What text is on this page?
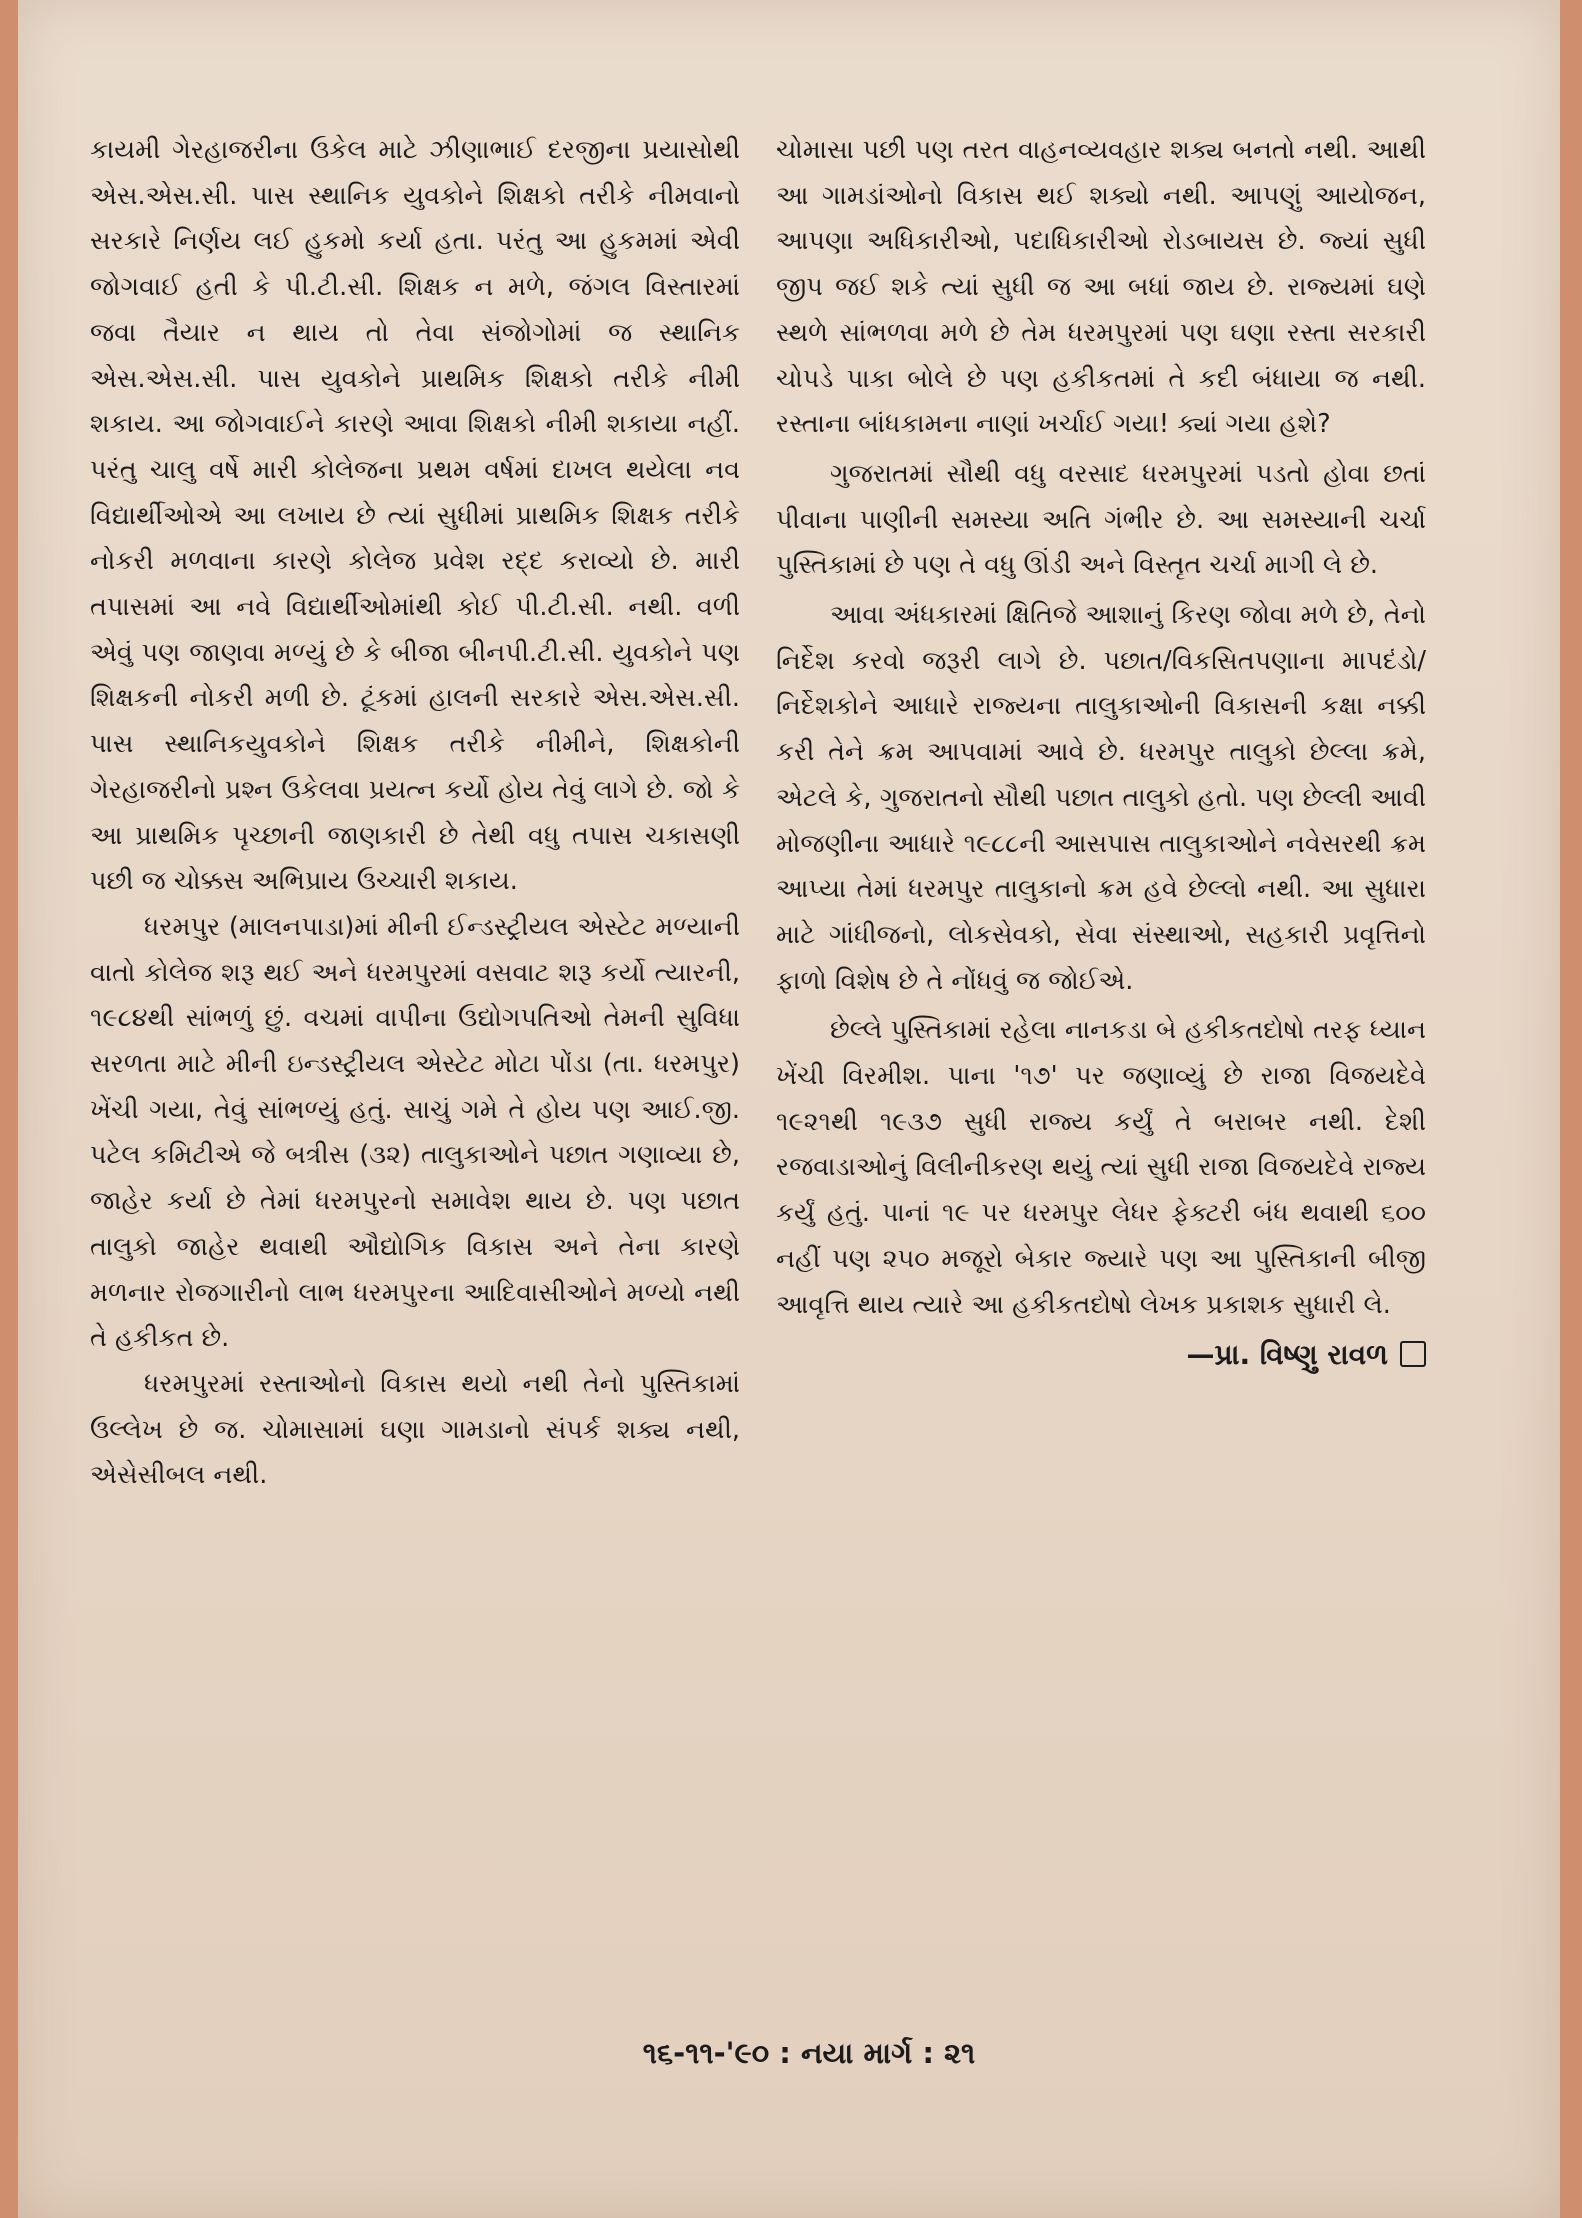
કાયમી ગેરહાજરીના ઉકેલ માટે ઝીણાભાઈ દરજીના પ્રયાસોથી એસ.એસ.સી. પાસ સ્થાનિક યુવકોને શિક્ષકો તરીકે નીમવાનો સરકારે નિર્ણય લઈ હુકમો કર્યા હતા. પરંતુ આ હુકમમાં એવી જોગવાઈ હતી કે પી.ટી.સી. શિક્ષક ન મળે, જંગલ વિસ્તારમાં જવા તૈયાર ન થાય તો તેવા સંજોગોમાં જ સ્થાનિક એસ.એસ.સી. પાસ યુવકોને પ્રાથમિક શિક્ષકો તરીકે નીમી શકાય. આ જોગવાઈને કારણે આવા શિક્ષકો નીમી શકાયા નહીં. પરંતુ ચાલુ વર્ષે મારી કોલેજના પ્રથમ વર્ષમાં દાખલ થયેલા નવ વિદ્યાર્થીઓએ આ લખાય છે ત્યાં સુધીમાં પ્રાથમિક શિક્ષક તરીકે નોકરી મળવાના કારણે કોલેજ પ્રવેશ રદ્દ કરાવ્યો છે. મારી તપાસમાં આ નવે વિદ્યાર્થીઓમાંથી કોઈ પી.ટી.સી. નથી. વળી એવું પણ જાણવા મળ્યું છે કે બીજા બીનપી.ટી.સી. યુવકોને પણ શિક્ષકની નોકરી મળી છે. ટૂંકમાં હાલની સરકારે એસ.એસ.સી. પાસ સ્થાનિકયુવકોને શિક્ષક તરીકે નીમીને, શિક્ષકોની ગેરહાજરીનો પ્રશ્ન ઉકેલવા પ્રયત્ન કર્યો હોય તેવું લાગે છે. જો કે આ પ્રાથમિક પૃચ્છાની જાણકારી છે તેથી વધુ તપાસ ચકાસણી પછી જ ચોક્કસ અભિપ્રાય ઉચ્ચારી શકાય.

ધરમપુર (માલનપાડા)માં મીની ઈન્ડસ્ટ્રીયલ એસ્ટેટ મળ્યાની વાતો કોલેજ શરૂ થઈ અને ધરમપુરમાં વસવાટ શરૂ કર્યો ત્યારની, ૧૯૮૪થી સાંભળું છું. વચમાં વાપીના ઉદ્યોગપતિઓ તેમની સુવિધા સરળતા માટે મીની ઇન્ડસ્ટ્રીયલ એસ્ટેટ મોટા પોંડા (તા. ધરમપુર) ખેંચી ગયા, તેવું સાંભળ્યું હતું. સાચું ગમે તે હોય પણ આઈ.જી. પટેલ કમિટીએ જે બત્રીસ (૩૨) તાલુકાઓને પછાત ગણાવ્યા છે, જાહેર કર્યા છે તેમાં ધરમપુરનો સમાવેશ થાય છે. પણ પછાત તાલુકો જાહેર થવાથી ઔદ્યોગિક વિકાસ અને તેના કારણે મળનાર રોજગારીનો લાભ ધરમપુરના આદિવાસીઓને મળ્યો નથી તે હકીકત છે.

ધરમપુરમાં રસ્તાઓનો વિકાસ થયો નથી તેનો પુસ્તિકામાં ઉલ્લેખ છે જ. ચોમાસામાં ઘણા ગામડાનો સંપર્ક શક્ય નથી, એસેસીબલ નથી.

ચોમાસા પછી પણ તરત વાહનવ્યવહાર શક્ય બનતો નથી. આથી આ ગામડાંઓનો વિકાસ થઈ શક્યો નથી. આપણું આયોજન, આપણા અધિકારીઓ, પદાધિકારીઓ રોડબાયસ છે. જ્યાં સુધી જીપ જઈ શકે ત્યાં સુધી જ આ બધાં જાય છે. રાજ્યમાં ઘણે સ્થળે સાંભળવા મળે છે તેમ ધરમપુરમાં પણ ઘણા રસ્તા સરકારી ચોપડે પાકા બોલે છે પણ હકીકતમાં તે કદી બંધાયા જ નથી. રસ્તાના બાંધકામના નાણાં ખર્ચાઈ ગયા! ક્યાં ગયા હશે?

ગુજરાતમાં સૌથી વધુ વરસાદ ધરમપુરમાં પડતો હોવા છતાં પીવાના પાણીની સમસ્યા અતિ ગંભીર છે. આ સમસ્યાની ચર્ચા પુસ્તિકામાં છે પણ તે વધુ ઊંડી અને વિસ્તૃત ચર્ચા માગી લે છે.

આવા અંધકારમાં ક્ષિતિજે આશાનું કિરણ જોવા મળે છે, તેનો નિર્દેશ કરવો જરૂરી લાગે છે. પછાત/વિકસિતપણાના માપદંડો/નિર્દેશકોને આધારે રાજ્યના તાલુકાઓની વિકાસની કક્ષા નક્કી કરી તેને ક્રમ આપવામાં આવે છે. ધરમપુર તાલુકો છેલ્લા ક્રમે, એટલે કે, ગુજરાતનો સૌથી પછાત તાલુકો હતો. પણ છેલ્લી આવી મોજણીના આધારે ૧૯૮૮ની આસપાસ તાલુકાઓને નવેસરથી ક્રમ આપ્યા તેમાં ધરમપુર તાલુકાનો ક્રમ હવે છેલ્લો નથી. આ સુધારા માટે ગાંધીજનો, લોકસેવકો, સેવા સંસ્થાઓ, સહકારી પ્રવૃત્તિનો ફાળો વિશેષ છે તે નોંધવું જ જોઈએ.

છેલ્લે પુસ્તિકામાં રહેલા નાનકડા બે હકીકતદોષો તરફ ધ્યાન ખેંચી વિરમીશ. પાના '૧૭' પર જણાવ્યું છે રાજા વિજયદેવે ૧૯૨૧થી ૧૯૩૭ સુધી રાજ્ય કર્યું તે બરાબર નથી. દેશી રજવાડાઓનું વિલીનીકરણ થયું ત્યાં સુધી રાજા વિજયદેવે રાજ્ય કર્યું હતું. પાનાં ૧૯ પર ધરમપુર લેધર ફેક્ટરી બંધ થવાથી ૬૦૦ નહીં પણ ૨૫૦ મજૂરો બેકાર જ્યારે પણ આ પુસ્તિકાની બીજી આવૃત્તિ થાય ત્યારે આ હકીકતદોષો લેખક પ્રકાશક સુધારી લે.

—પ્રા. વિષ્ણુ રાવળ
૧૬-૧૧-'૯૦ : નયા માર્ગ : ૨૧
